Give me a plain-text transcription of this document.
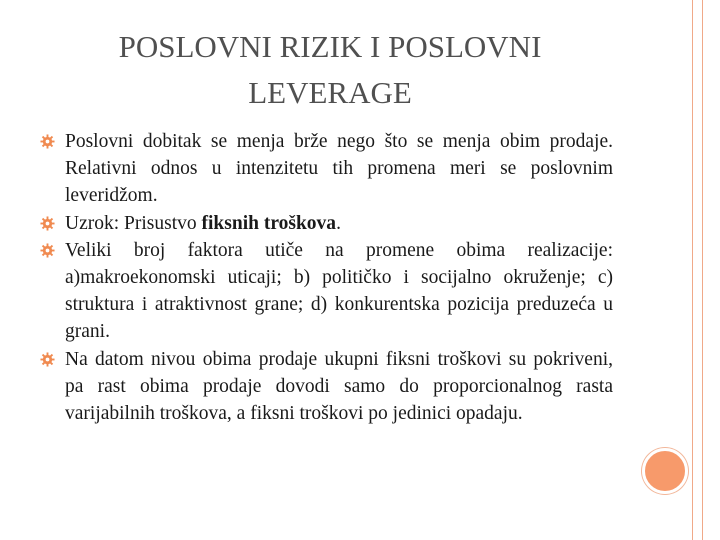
POSLOVNI RIZIK I POSLOVNI
LEVERAGE
Poslovni dobitak se menja brže nego što se menja obim prodaje. Relativni odnos u intenzitetu tih promena meri se poslovnim leveridžom.
Uzrok: Prisustvo fiksnih troškova.
Veliki broj faktora utiče na promene obima realizacije: a)makroekonomski uticaji; b) političko i socijalno okruženje; c) struktura i atraktivnost grane; d) konkurentska pozicija preduzeća u grani.
Na datom nivou obima prodaje ukupni fiksni troškovi su pokriveni, pa rast obima prodaje dovodi samo do proporcionalnog rasta varijabilnih troškova, a fiksni troškovi po jedinici opadaju.
